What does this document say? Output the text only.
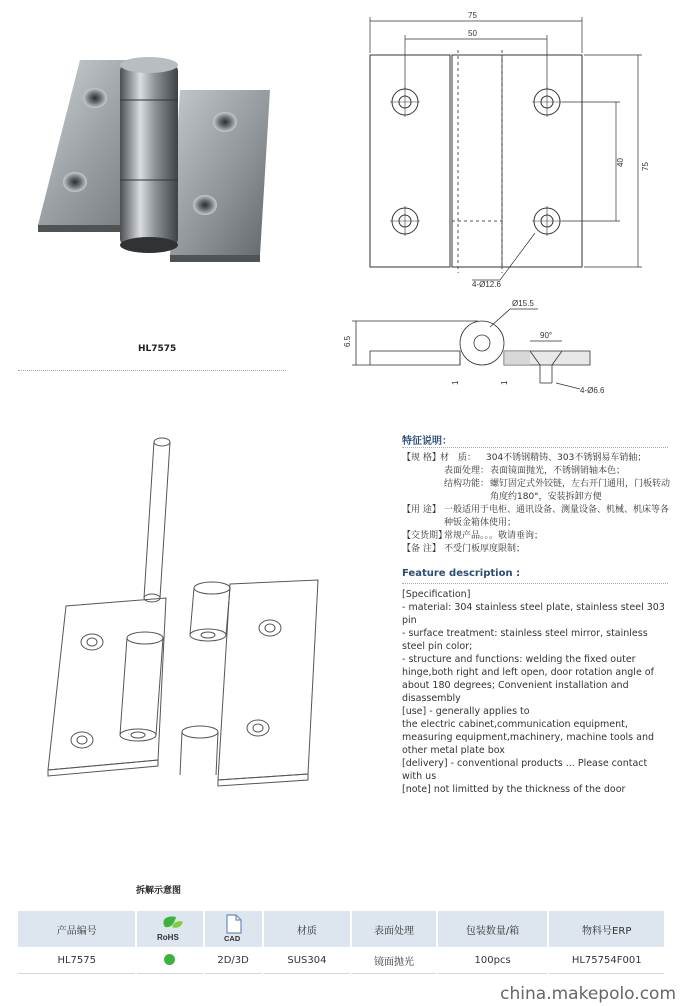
HL7575
75
50
75
40
4-Ø12.6
6.5
Ø15.5
90°
4-Ø6.6
1	1
拆解示意图
特征说明：
【规 格】 材　质： 304不锈钢精铸、303不锈钢易车销轴；
表面处理： 表面镜面抛光，不锈钢销轴本色；
结构功能： 螺钉固定式外铰链，左右开门通用，门板转动角度约180°，安装拆卸方便
【用 途】 一般适用于电柜、通讯设备、测量设备、机械、机床等各种钣金箱体使用；
【交货期】
常规产品。。。敬请垂询；
【备 注】 不受门板厚度限制；
Feature description :
[Specification]
- material: 304 stainless steel plate, stainless steel 303 pin
- surface treatment: stainless steel mirror, stainless steel pin color;
- structure and functions: welding the fixed outer hinge,both right and left open, door rotation angle of about 180 degrees; Convenient installation and disassembly
[use] - generally applies to
the electric cabinet,communication equipment, measuring equipment,machinery, machine tools and other metal plate box
[delivery] - conventional products ... Please contact with us
[note] not limitted by the thickness of the door
产品编号	RoHS	CAD	材质	表面处理	包装数量/箱	物料号ERP
HL7575		2D/3D	SUS304	镜面抛光	100pcs	HL75754F001
china.makepolo.com
